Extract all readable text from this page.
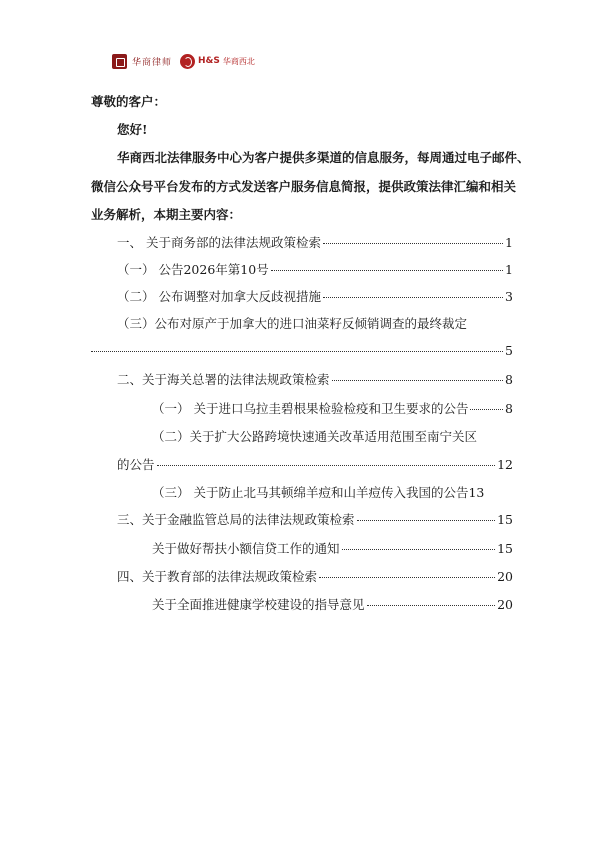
华商律师	H&S 华商西北
尊敬的客户：
您好!
华商西北法律服务中心为客户提供多渠道的信息服务，每周通过电子邮件、
微信公众号平台发布的方式发送客户服务信息简报，提供政策法律汇编和相关
业务解析，本期主要内容：
一、 关于商务部的法律法规政策检索	1
（一） 公告2026年第10号	1
（二） 公布调整对加拿大反歧视措施	3
（三）公布对原产于加拿大的进口油菜籽反倾销调查的最终裁定
5
二、关于海关总署的法律法规政策检索	8
（一） 关于进口乌拉圭碧根果检验检疫和卫生要求的公告	8
（二）关于扩大公路跨境快速通关改革适用范围至南宁关区
的公告	12
（三） 关于防止北马其顿绵羊痘和山羊痘传入我国的公告 13
三、关于金融监管总局的法律法规政策检索	15
关于做好帮扶小额信贷工作的通知	15
四、关于教育部的法律法规政策检索	20
关于全面推进健康学校建设的指导意见	20
